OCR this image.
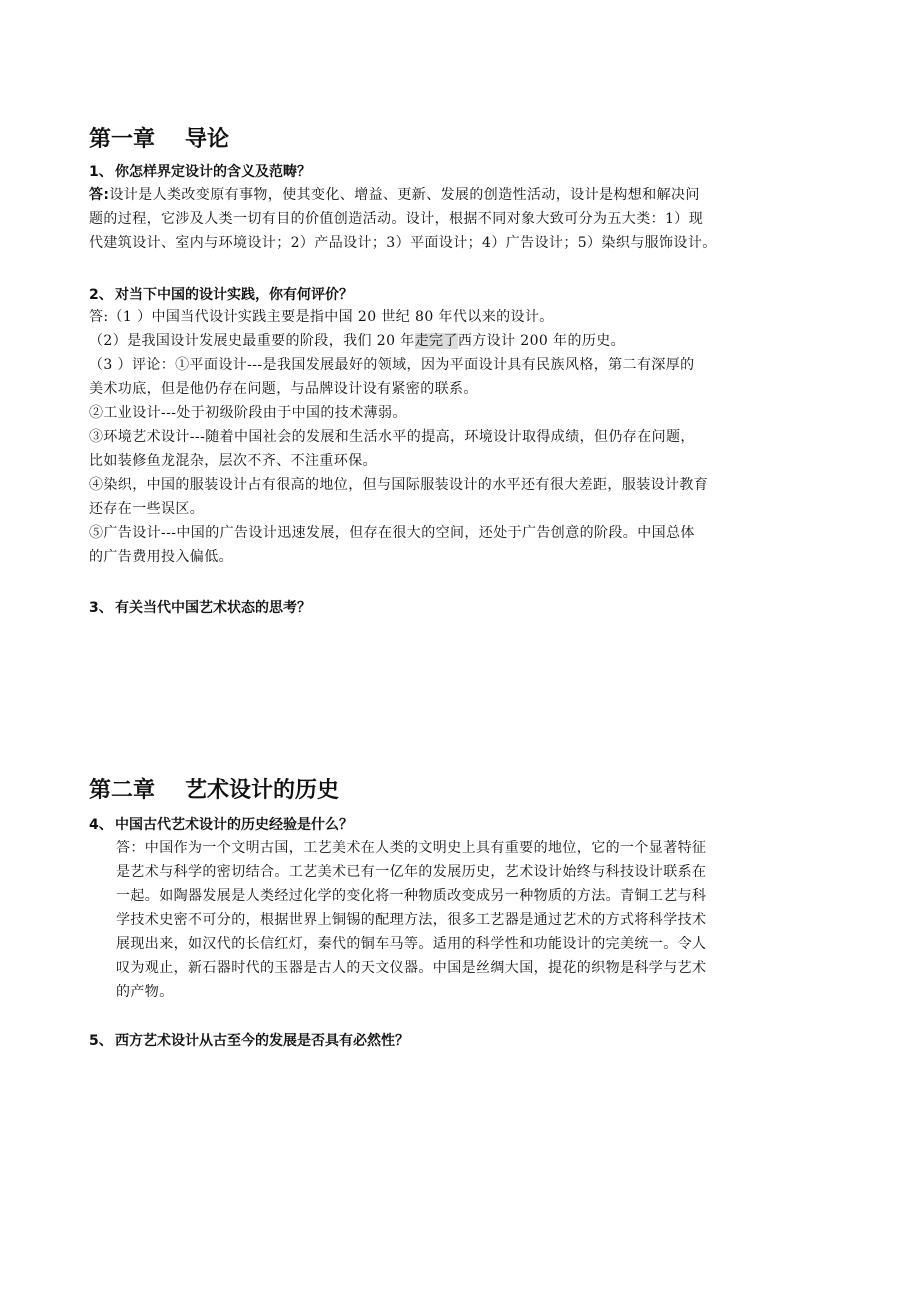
第一章 导论
1、 你怎样界定设计的含义及范畴？
答:设计是人类改变原有事物，使其变化、增益、更新、发展的创造性活动，设计是构想和解决问
题的过程，它涉及人类一切有目的价值创造活动。设计，根据不同对象大致可分为五大类：1）现
代建筑设计、室内与环境设计；2）产品设计；3）平面设计；4）广告设计；5）染织与服饰设计。
2、 对当下中国的设计实践，你有何评价？
答:（1 ）中国当代设计实践主要是指中国 20 世纪 80 年代以来的设计。
（2）是我国设计发展史最重要的阶段，我们 20 年走完了西方设计 200 年的历史。
（3 ）评论：①平面设计---是我国发展最好的领域，因为平面设计具有民族风格，第二有深厚的
美术功底，但是他仍存在问题，与品牌设计设有紧密的联系。
②工业设计---处于初级阶段由于中国的技术薄弱。
③环境艺术设计---随着中国社会的发展和生活水平的提高，环境设计取得成绩，但仍存在问题，
比如装修鱼龙混杂，层次不齐、不注重环保。
④染织，中国的服装设计占有很高的地位，但与国际服装设计的水平还有很大差距，服装设计教育
还存在一些误区。
⑤广告设计---中国的广告设计迅速发展，但存在很大的空间，还处于广告创意的阶段。中国总体
的广告费用投入偏低。
3、 有关当代中国艺术状态的思考？
第二章 艺术设计的历史
4、 中国古代艺术设计的历史经验是什么？
答：中国作为一个文明古国，工艺美术在人类的文明史上具有重要的地位，它的一个显著特征
是艺术与科学的密切结合。工艺美术已有一亿年的发展历史，艺术设计始终与科技设计联系在
一起。如陶器发展是人类经过化学的变化将一种物质改变成另一种物质的方法。青铜工艺与科
学技术史密不可分的，根据世界上铜锡的配理方法，很多工艺器是通过艺术的方式将科学技术
展现出来，如汉代的长信红灯，秦代的铜车马等。适用的科学性和功能设计的完美统一。令人
叹为观止，新石器时代的玉器是古人的天文仪器。中国是丝绸大国，提花的织物是科学与艺术
的产物。
5、 西方艺术设计从古至今的发展是否具有必然性？
